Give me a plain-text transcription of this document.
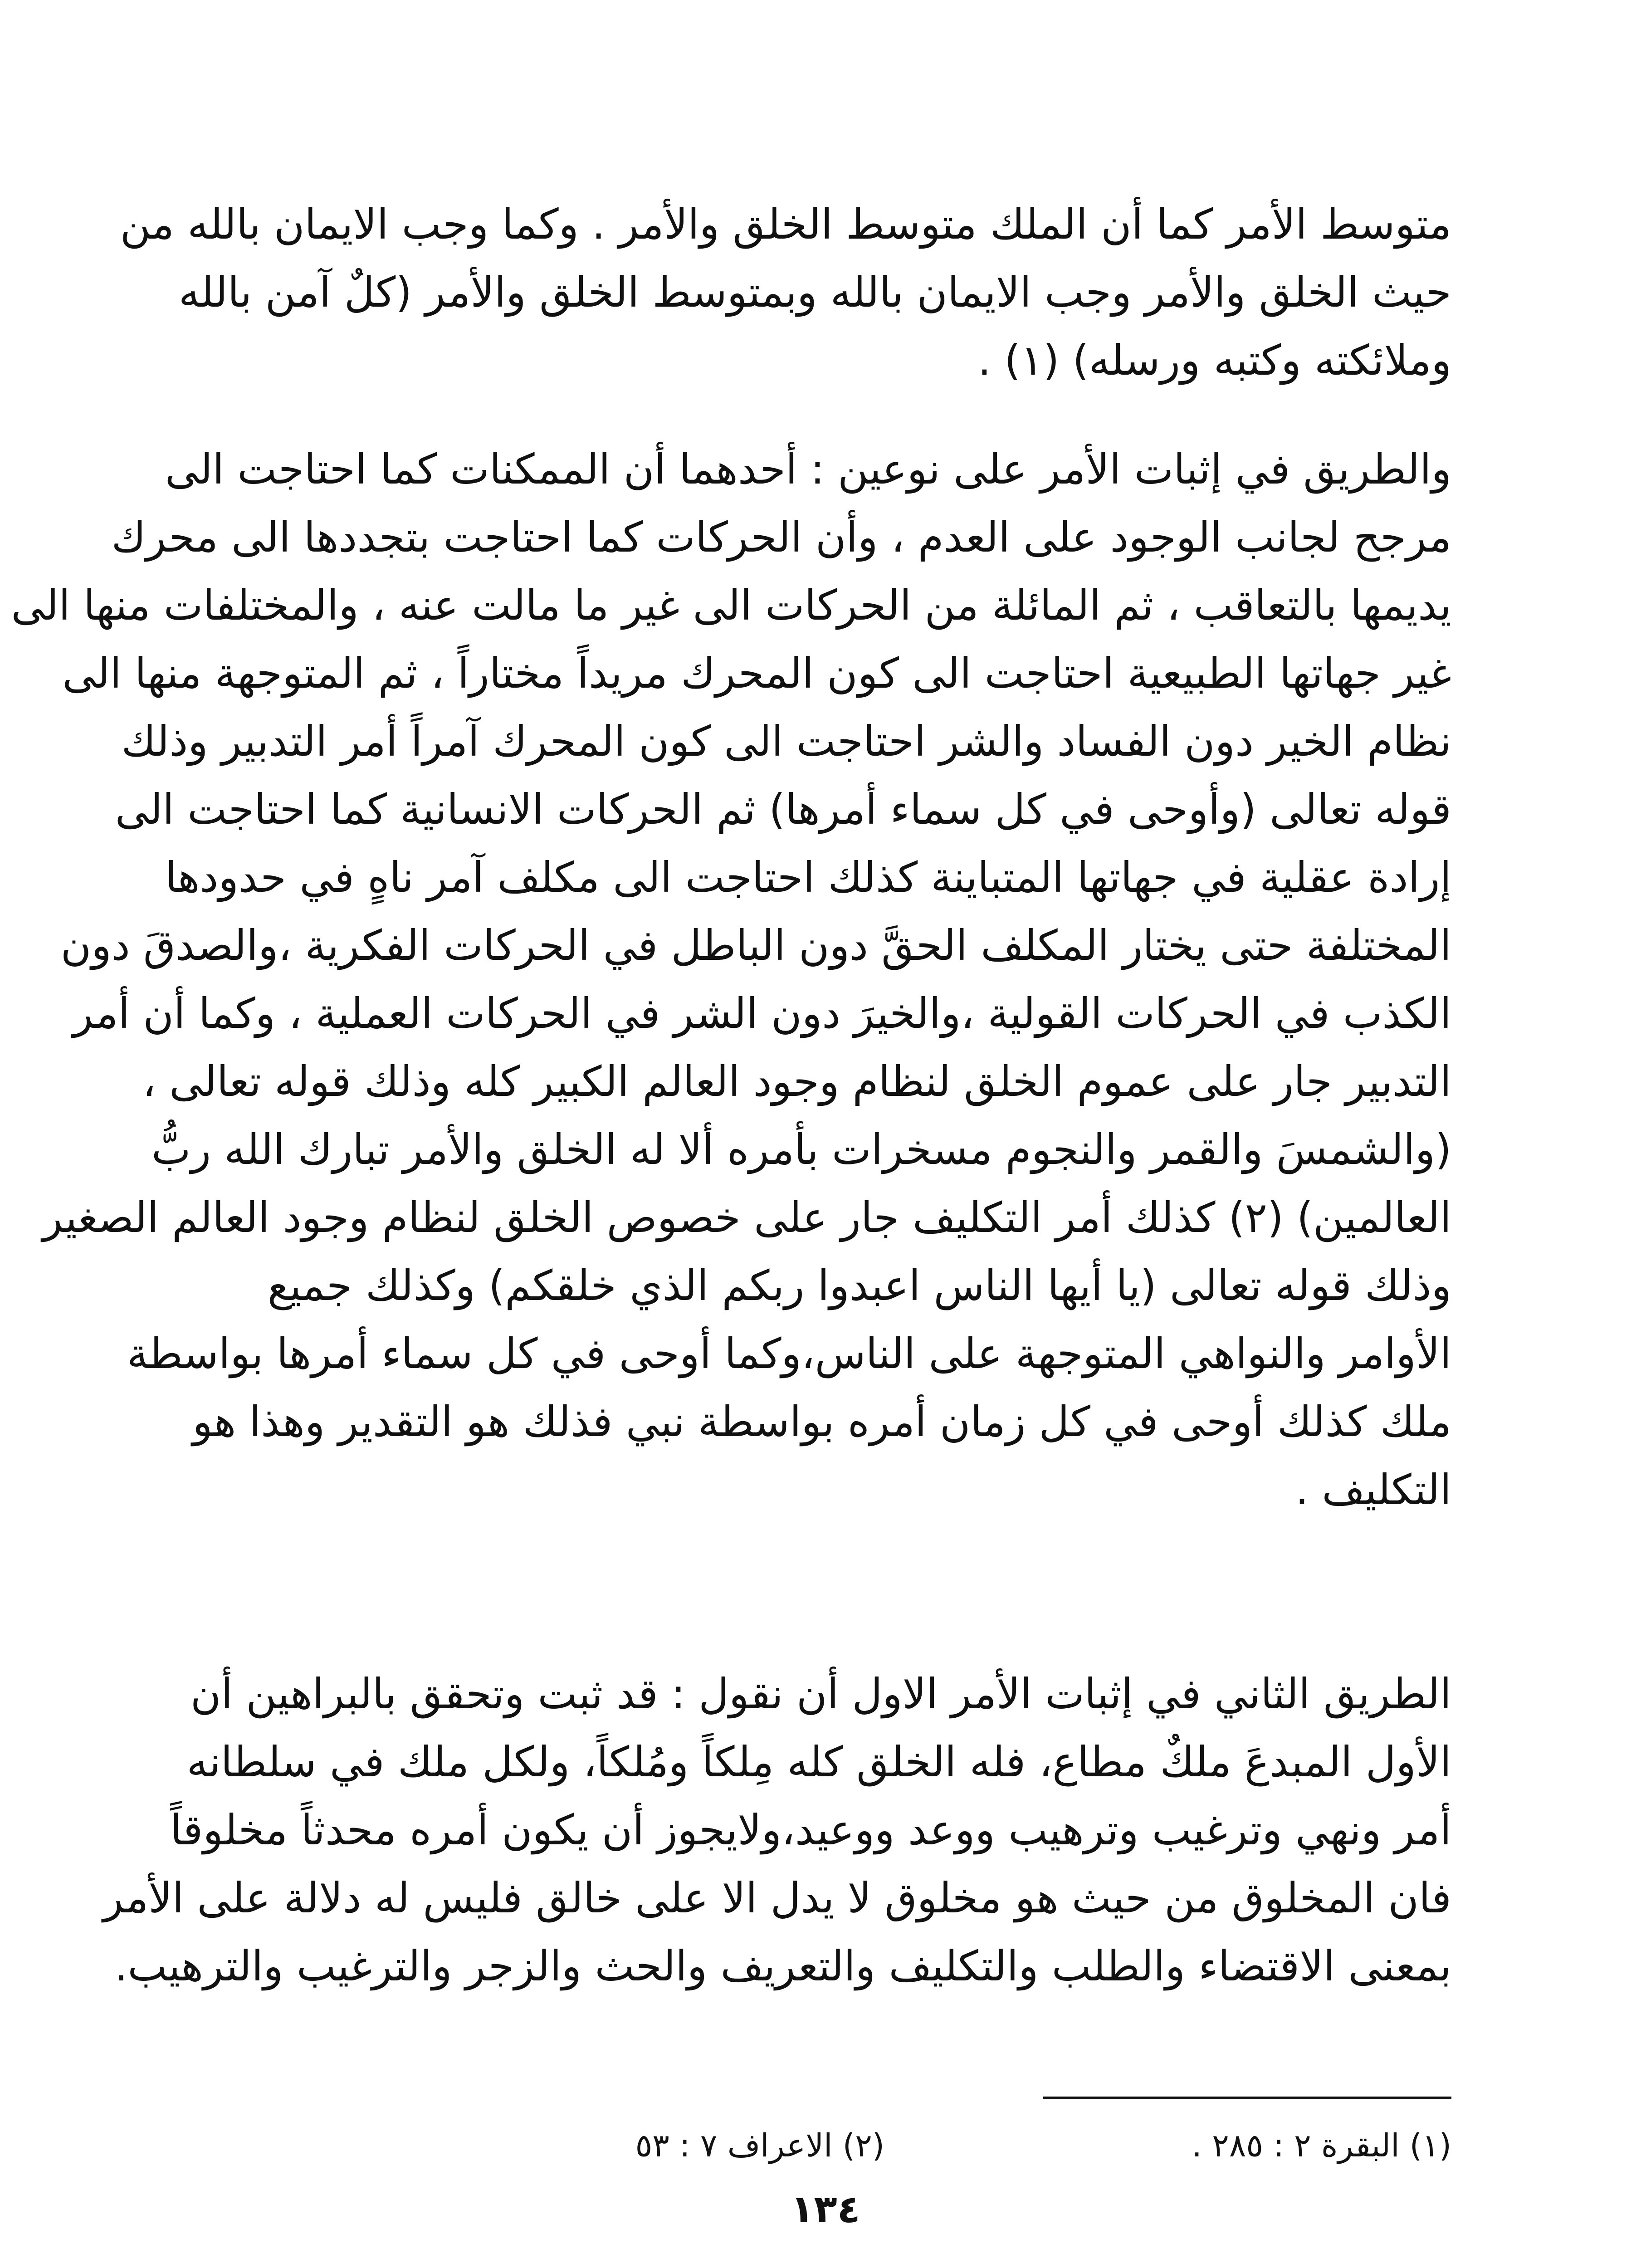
متوسط الأمر كما أن الملك متوسط الخلق والأمر . وكما وجب الايمان بالله من
حيث الخلق والأمر وجب الايمان بالله وبمتوسط الخلق والأمر (كلٌ آمن بالله
وملائكته وكتبه ورسله) (١) .
والطريق في إثبات الأمر على نوعين : أحدهما أن الممكنات كما احتاجت الى
مرجح لجانب الوجود على العدم ، وأن الحركات كما احتاجت بتجددها الى محرك
يديمها بالتعاقب ، ثم المائلة من الحركات الى غير ما مالت عنه ، والمختلفات منها الى
غير جهاتها الطبيعية احتاجت الى كون المحرك مريداً مختاراً ، ثم المتوجهة منها الى
نظام الخير دون الفساد والشر احتاجت الى كون المحرك آمراً أمر التدبير وذلك
قوله تعالى (وأوحى في كل سماء أمرها) ثم الحركات الانسانية كما احتاجت الى
إرادة عقلية في جهاتها المتباينة كذلك احتاجت الى مكلف آمر ناهٍ في حدودها
المختلفة حتى يختار المكلف الحقَّ دون الباطل في الحركات الفكرية ،والصدقَ دون
الكذب في الحركات القولية ،والخيرَ دون الشر في الحركات العملية ، وكما أن أمر
التدبير جار على عموم الخلق لنظام وجود العالم الكبير كله وذلك قوله تعالى ،
(والشمسَ والقمر والنجوم مسخرات بأمره ألا له الخلق والأمر تبارك الله ربُّ
العالمين) (٢) كذلك أمر التكليف جار على خصوص الخلق لنظام وجود العالم الصغير
وذلك قوله تعالى (يا أيها الناس اعبدوا ربكم الذي خلقكم) وكذلك جميع
الأوامر والنواهي المتوجهة على الناس،وكما أوحى في كل سماء أمرها بواسطة
ملك كذلك أوحى في كل زمان أمره بواسطة نبي فذلك هو التقدير وهذا هو
التكليف .
الطريق الثاني في إثبات الأمر الاول أن نقول : قد ثبت وتحقق بالبراهين أن
الأول المبدعَ ملكٌ مطاع، فله الخلق كله مِلكاً ومُلكاً، ولكل ملك في سلطانه
أمر ونهي وترغيب وترهيب ووعد ووعيد،ولايجوز أن يكون أمره محدثاً مخلوقاً
فان المخلوق من حيث هو مخلوق لا يدل الا على خالق فليس له دلالة على الأمر
بمعنى الاقتضاء والطلب والتكليف والتعريف والحث والزجر والترغيب والترهيب.
(١) البقرة ٢ : ٢٨٥ .
(٢) الاعراف ٧ : ٥٣
١٣٤
